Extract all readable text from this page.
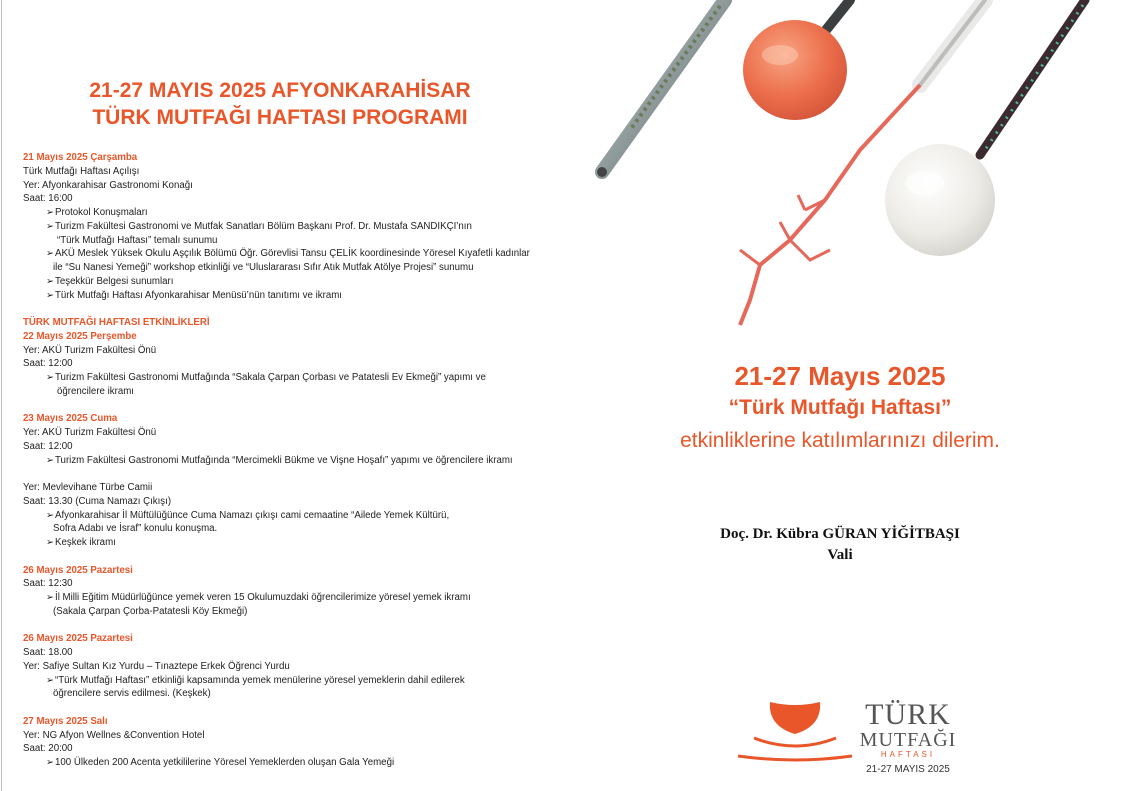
21-27 MAYIS 2025 AFYONKARAHİSAR
TÜRK MUTFAĞI HAFTASI PROGRAMI
21 Mayıs 2025 Çarşamba
Türk Mutfağı Haftası Açılışı
Yer: Afyonkarahisar Gastronomi Konağı
Saat: 16:00
➢Protokol Konuşmaları
➢Turizm Fakültesi Gastronomi ve Mutfak Sanatları Bölüm Başkanı Prof. Dr. Mustafa SANDIKÇI’nın
“Türk Mutfağı Haftası” temalı sunumu
➢AKÜ Meslek Yüksek Okulu Aşçılık Bölümü Öğr. Görevlisi Tansu ÇELİK koordinesinde Yöresel Kıyafetli kadınlar
ile “Su Nanesi Yemeği” workshop etkinliği ve “Uluslararası Sıfır Atık Mutfak Atölye Projesi” sunumu
➢Teşekkür Belgesi sunumları
➢Türk Mutfağı Haftası Afyonkarahisar Menüsü’nün tanıtımı ve ikramı
TÜRK MUTFAĞI HAFTASI ETKİNLİKLERİ
22 Mayıs 2025 Perşembe
Yer: AKÜ Turizm Fakültesi Önü
Saat: 12:00
➢Turizm Fakültesi Gastronomi Mutfağında “Sakala Çarpan Çorbası ve Patatesli Ev Ekmeği” yapımı ve
öğrencilere ikramı
23 Mayıs 2025 Cuma
Yer: AKÜ Turizm Fakültesi Önü
Saat: 12:00
➢Turizm Fakültesi Gastronomi Mutfağında “Mercimekli Bükme ve Vişne Hoşafı” yapımı ve öğrencilere ikramı
Yer: Mevlevihane Türbe Camii
Saat: 13.30 (Cuma Namazı Çıkışı)
➢Afyonkarahisar İl Müftülüğünce Cuma Namazı çıkışı cami cemaatine “Ailede Yemek Kültürü,
Sofra Adabı ve İsraf” konulu konuşma.
➢Keşkek ikramı
26 Mayıs 2025 Pazartesi
Saat: 12:30
➢İl Milli Eğitim Müdürlüğünce yemek veren 15 Okulumuzdaki öğrencilerimize yöresel yemek ikramı
(Sakala Çarpan Çorba-Patatesli Köy Ekmeği)
26 Mayıs 2025 Pazartesi
Saat: 18.00
Yer: Safiye Sultan Kız Yurdu – Tınaztepe Erkek Öğrenci Yurdu
➢“Türk Mutfağı Haftası” etkinliği kapsamında yemek menülerine yöresel yemeklerin dahil edilerek
öğrencilere servis edilmesi. (Keşkek)
27 Mayıs 2025 Salı
Yer: NG Afyon Wellnes &Convention Hotel
Saat: 20:00
➢100 Ülkeden 200 Acenta yetkililerine Yöresel Yemeklerden oluşan Gala Yemeği
21-27 Mayıs 2025
“Türk Mutfağı Haftası”
etkinliklerine katılımlarınızı dilerim.
Doç. Dr. Kübra GÜRAN YİĞİTBAŞI
Vali
TÜRK
MUTFAĞI
HAFTASI
21-27 MAYIS 2025
